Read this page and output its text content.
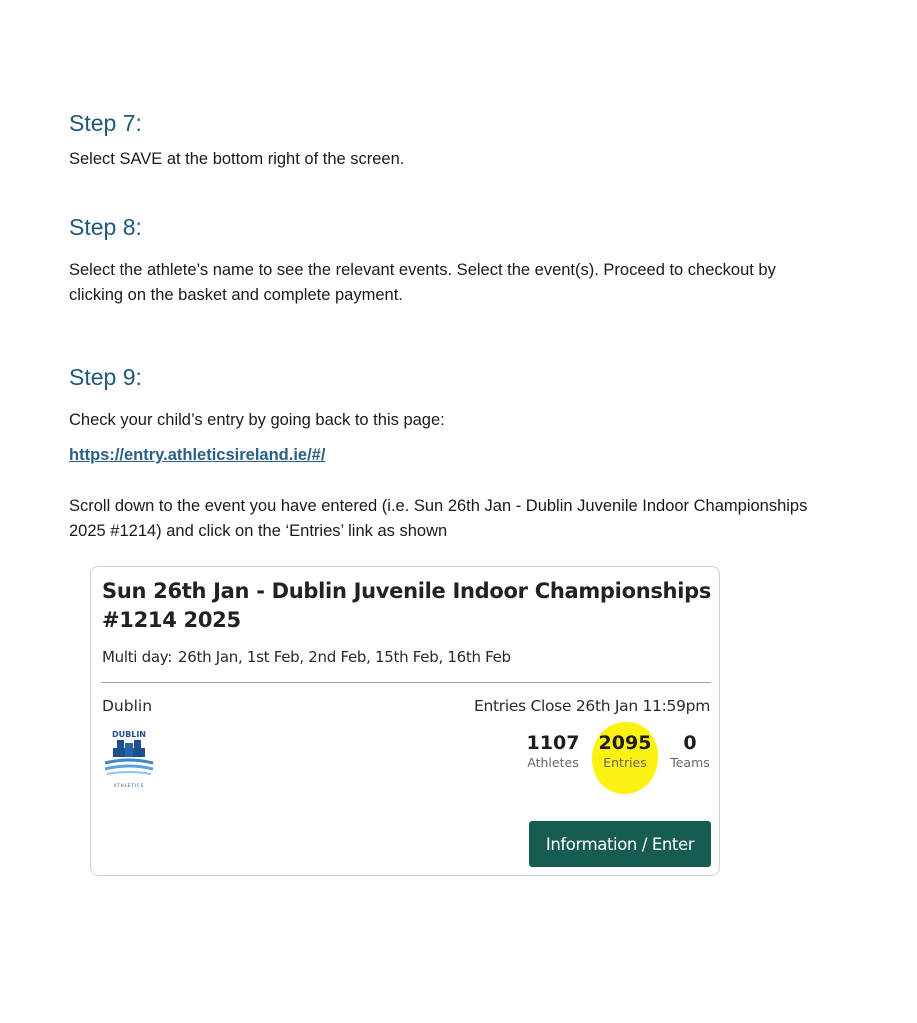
Step 7:

Select SAVE at the bottom right of the screen.

Step 8:

Select the athlete’s name to see the relevant events. Select the event(s). Proceed to checkout by clicking on the basket and complete payment.

Step 9:

Check your child’s entry by going back to this page:

https://entry.athleticsireland.ie/#/

Scroll down to the event you have entered (i.e. Sun 26th Jan - Dublin Juvenile Indoor Championships 2025 #1214) and click on the ‘Entries’ link as shown

Sun 26th Jan - Dublin Juvenile Indoor Championships #1214 2025
Multi day: 26th Jan, 1st Feb, 2nd Feb, 15th Feb, 16th Feb
Dublin	Entries Close 26th Jan 11:59pm
DUBLIN
ATHLETICS
1107
Athletes
2095
Entries
0
Teams
Information / Enter
